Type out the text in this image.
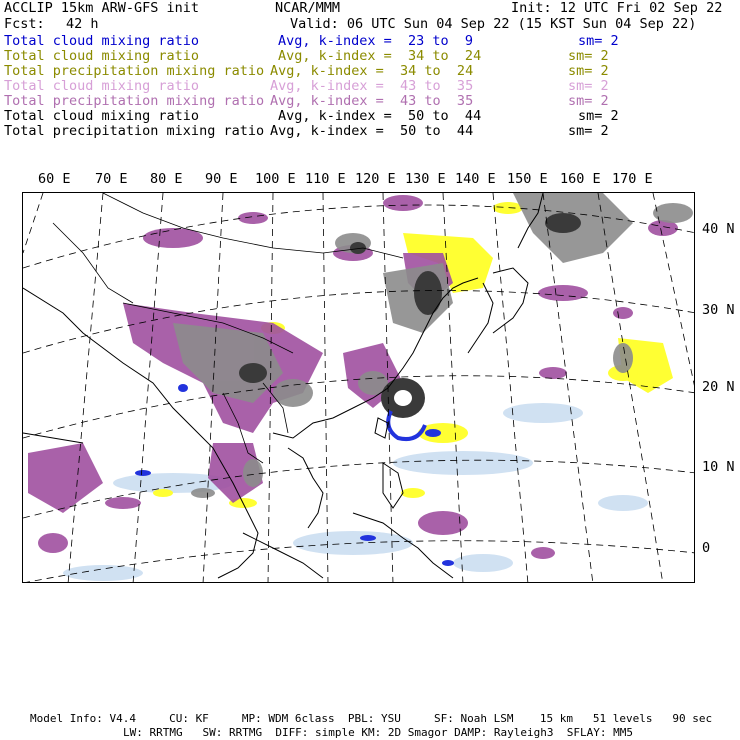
ACCLIP 15km ARW-GFS init	NCAR/MMM	Init: 12 UTC Fri 02 Sep 22
Fcst: 42 h	Valid: 06 UTC Sun 04 Sep 22 (15 KST Sun 04 Sep 22)
Total cloud mixing ratio	Avg, k-index =  23 to  9	sm= 2
Total cloud mixing ratio	Avg, k-index =  34 to  24	sm= 2
Total precipitation mixing ratio Avg, k-index =  34 to  24	sm= 2
Total cloud mixing ratio	Avg, k-index =  43 to  35	sm= 2
Total precipitation mixing ratio Avg, k-index =  43 to  35	sm= 2
Total cloud mixing ratio	Avg, k-index =  50 to  44	sm= 2
Total precipitation mixing ratio Avg, k-index =  50 to  44	sm= 2
60 E 70 E 80 E 90 E 100 E 110 E 120 E 130 E 140 E 150 E 160 E 170 E
40 N
30 N
20 N
10 N
0
Model Info: V4.4     CU: KF     MP: WDM 6class  PBL: YSU     SF: Noah LSM    15 km   51 levels   90 sec
LW: RRTMG   SW: RRTMG  DIFF: simple KM: 2D Smagor DAMP: Rayleigh3  SFLAY: MM5
